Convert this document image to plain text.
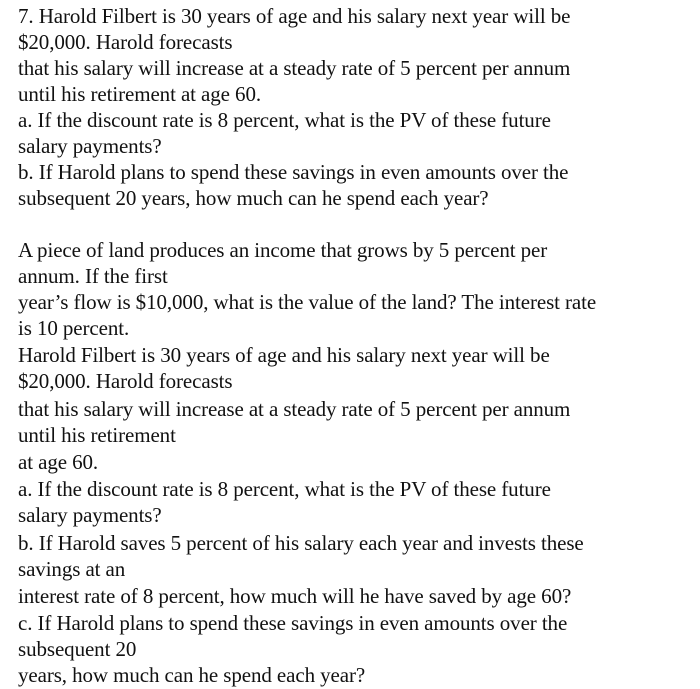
7. Harold Filbert is 30 years of age and his salary next year will be
$20,000. Harold forecasts
that his salary will increase at a steady rate of 5 percent per annum
until his retirement at age 60.
a. If the discount rate is 8 percent, what is the PV of these future
salary payments?
b. If Harold plans to spend these savings in even amounts over the
subsequent 20 years, how much can he spend each year?
A piece of land produces an income that grows by 5 percent per
annum. If the first
year’s flow is $10,000, what is the value of the land? The interest rate
is 10 percent.
Harold Filbert is 30 years of age and his salary next year will be
$20,000. Harold forecasts
that his salary will increase at a steady rate of 5 percent per annum
until his retirement
at age 60.
a. If the discount rate is 8 percent, what is the PV of these future
salary payments?
b. If Harold saves 5 percent of his salary each year and invests these
savings at an
interest rate of 8 percent, how much will he have saved by age 60?
c. If Harold plans to spend these savings in even amounts over the
subsequent 20
years, how much can he spend each year?
